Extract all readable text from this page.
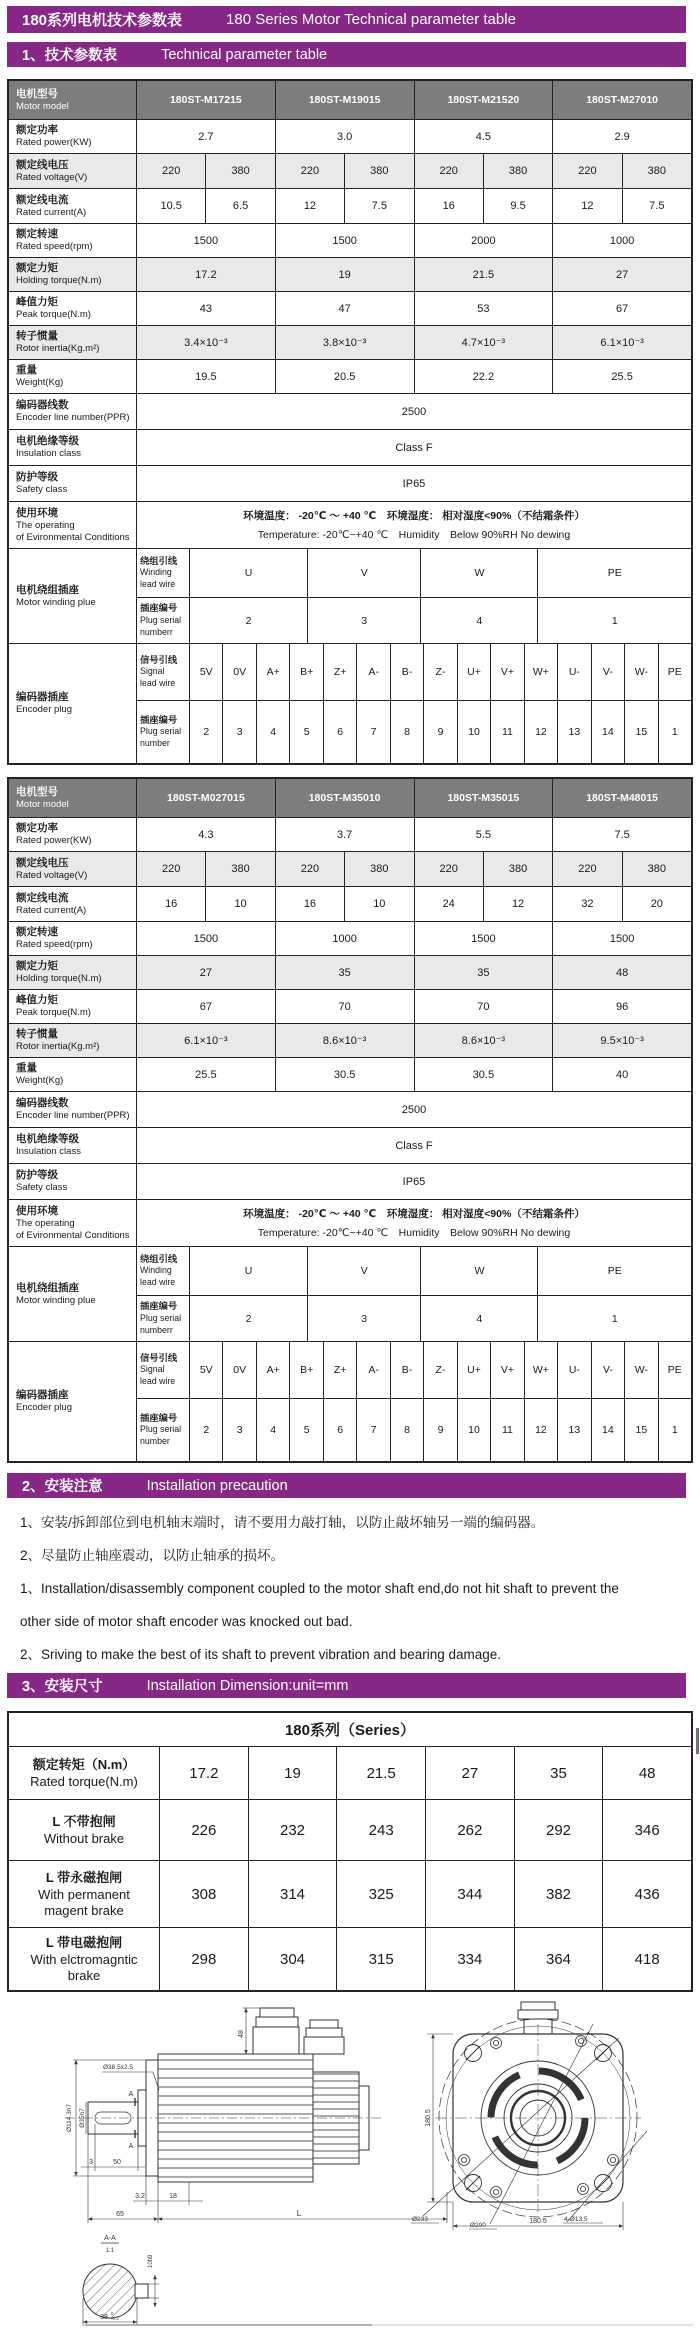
180系列电机技术参数表	180 Series Motor Technical parameter table
1、技术参数表	Technical parameter table
电机型号
Motor model
180ST-M17215	180ST-M19015	180ST-M21520	180ST-M27010
额定功率
Rated power(KW)
2.7	3.0	4.5	2.9
额定线电压
Rated voltage(V)
220	380	220	380	220	380	220	380
额定线电流
Rated current(A)
10.5	6.5	12	7.5	16	9.5	12	7.5
额定转速
Rated speed(rpm)
1500	1500	2000	1000
额定力矩
Holding torque(N.m)
17.2	19	21.5	27
峰值力矩
Peak torque(N.m)
43	47	53	67
转子惯量
Rotor inertia(Kg.m²)	3.4×10⁻³	3.8×10⁻³	4.7×10⁻³	6.1×10⁻³
重量
Weight(Kg)
19.5	20.5	22.2	25.5
编码器线数
Encoder line number(PPR)
2500
电机绝缘等级
Insulation class
Class F
防护等级
Safety class
IP65
使用环境
The operating
of Evironmental Conditions
环境温度： -20℃ ～ +40 ℃　环境湿度： 相对湿度<90%（不结霜条件）
Temperature: -20℃~+40 ℃　Humidity　Below 90%RH No dewing
电机绕组插座
Motor winding plue
绕组引线
Winding
lead wire
U	V	W	PE
插座编号
Plug serial
numberr
2	3	4	1
编码器插座
Encoder plug
信号引线
Signal
lead wire
5V	0V	A+	B+	Z+	A-	B-	Z-	U+	V+	W+	U-	V-	W-	PE
插座编号
Plug serial
number
2	3	4	5	6	7	8	9	10	11	12	13	14	15	1
电机型号
Motor model
180ST-M027015	180ST-M35010	180ST-M35015	180ST-M48015
额定功率
Rated power(KW)
4.3	3.7	5.5	7.5
额定线电压
Rated voltage(V)
220	380	220	380	220	380	220	380
额定线电流
Rated current(A)
16	10	16	10	24	12	32	20
额定转速
Rated speed(rpm)
1500	1000	1500	1500
额定力矩
Holding torque(N.m)
27	35	35	48
峰值力矩
Peak torque(N.m)
67	70	70	96
转子惯量
Rotor inertia(Kg.m²)	6.1×10⁻³	8.6×10⁻³	8.6×10⁻³	9.5×10⁻³
重量
Weight(Kg)
25.5	30.5	30.5	40
编码器线数
Encoder line number(PPR)
2500
电机绝缘等级
Insulation class
Class F
防护等级
Safety class
IP65
使用环境
The operating
of Evironmental Conditions
环境温度： -20℃ ～ +40 ℃　环境湿度： 相对湿度<90%（不结霜条件）
Temperature: -20℃~+40 ℃　Humidity　Below 90%RH No dewing
电机绕组插座
Motor winding plue
绕组引线
Winding
lead wire
U	V	W	PE
插座编号
Plug serial
numberr
2	3	4	1
编码器插座
Encoder plug
信号引线
Signal
lead wire
5V	0V	A+	B+	Z+	A-	B-	Z-	U+	V+	W+	U-	V-	W-	PE
插座编号
Plug serial
number
2	3	4	5	6	7	8	9	10	11	12	13	14	15	1
2、安装注意	Installation precaution
1、安装/拆卸部位到电机轴末端时，请不要用力敲打轴，以防止敲坏轴另一端的编码器。
2、尽量防止轴座震动，以防止轴承的损坏。
1、Installation/disassembly component coupled to the motor shaft end,do not hit shaft to prevent the
other side of motor shaft encoder was knocked out bad.
2、Sriving to make the best of its shaft to prevent vibration and bearing damage.
3、安装尺寸	Installation Dimension:unit=mm
180系列（Series）
额定转矩（N.m）
Rated torque(N.m)	17.2	19	21.5	27	35	48
L 不带抱闸
Without brake	226	232	243	262	292	346
L 带永磁抱闸
With permanent
magent brake
308	314	325	344	382	436
L 带电磁抱闸
With elctromagntic
brake
298	304	315	334	364	418
48
Ø38.5x2.5
Ø114.3h7 Ø35h7
3	50
3.2	18
65	L
A
A
A-A
1:1
10h9
38
0
-0.2
180.5
180.5
Ø233
Ø200
4-Ø13.5
